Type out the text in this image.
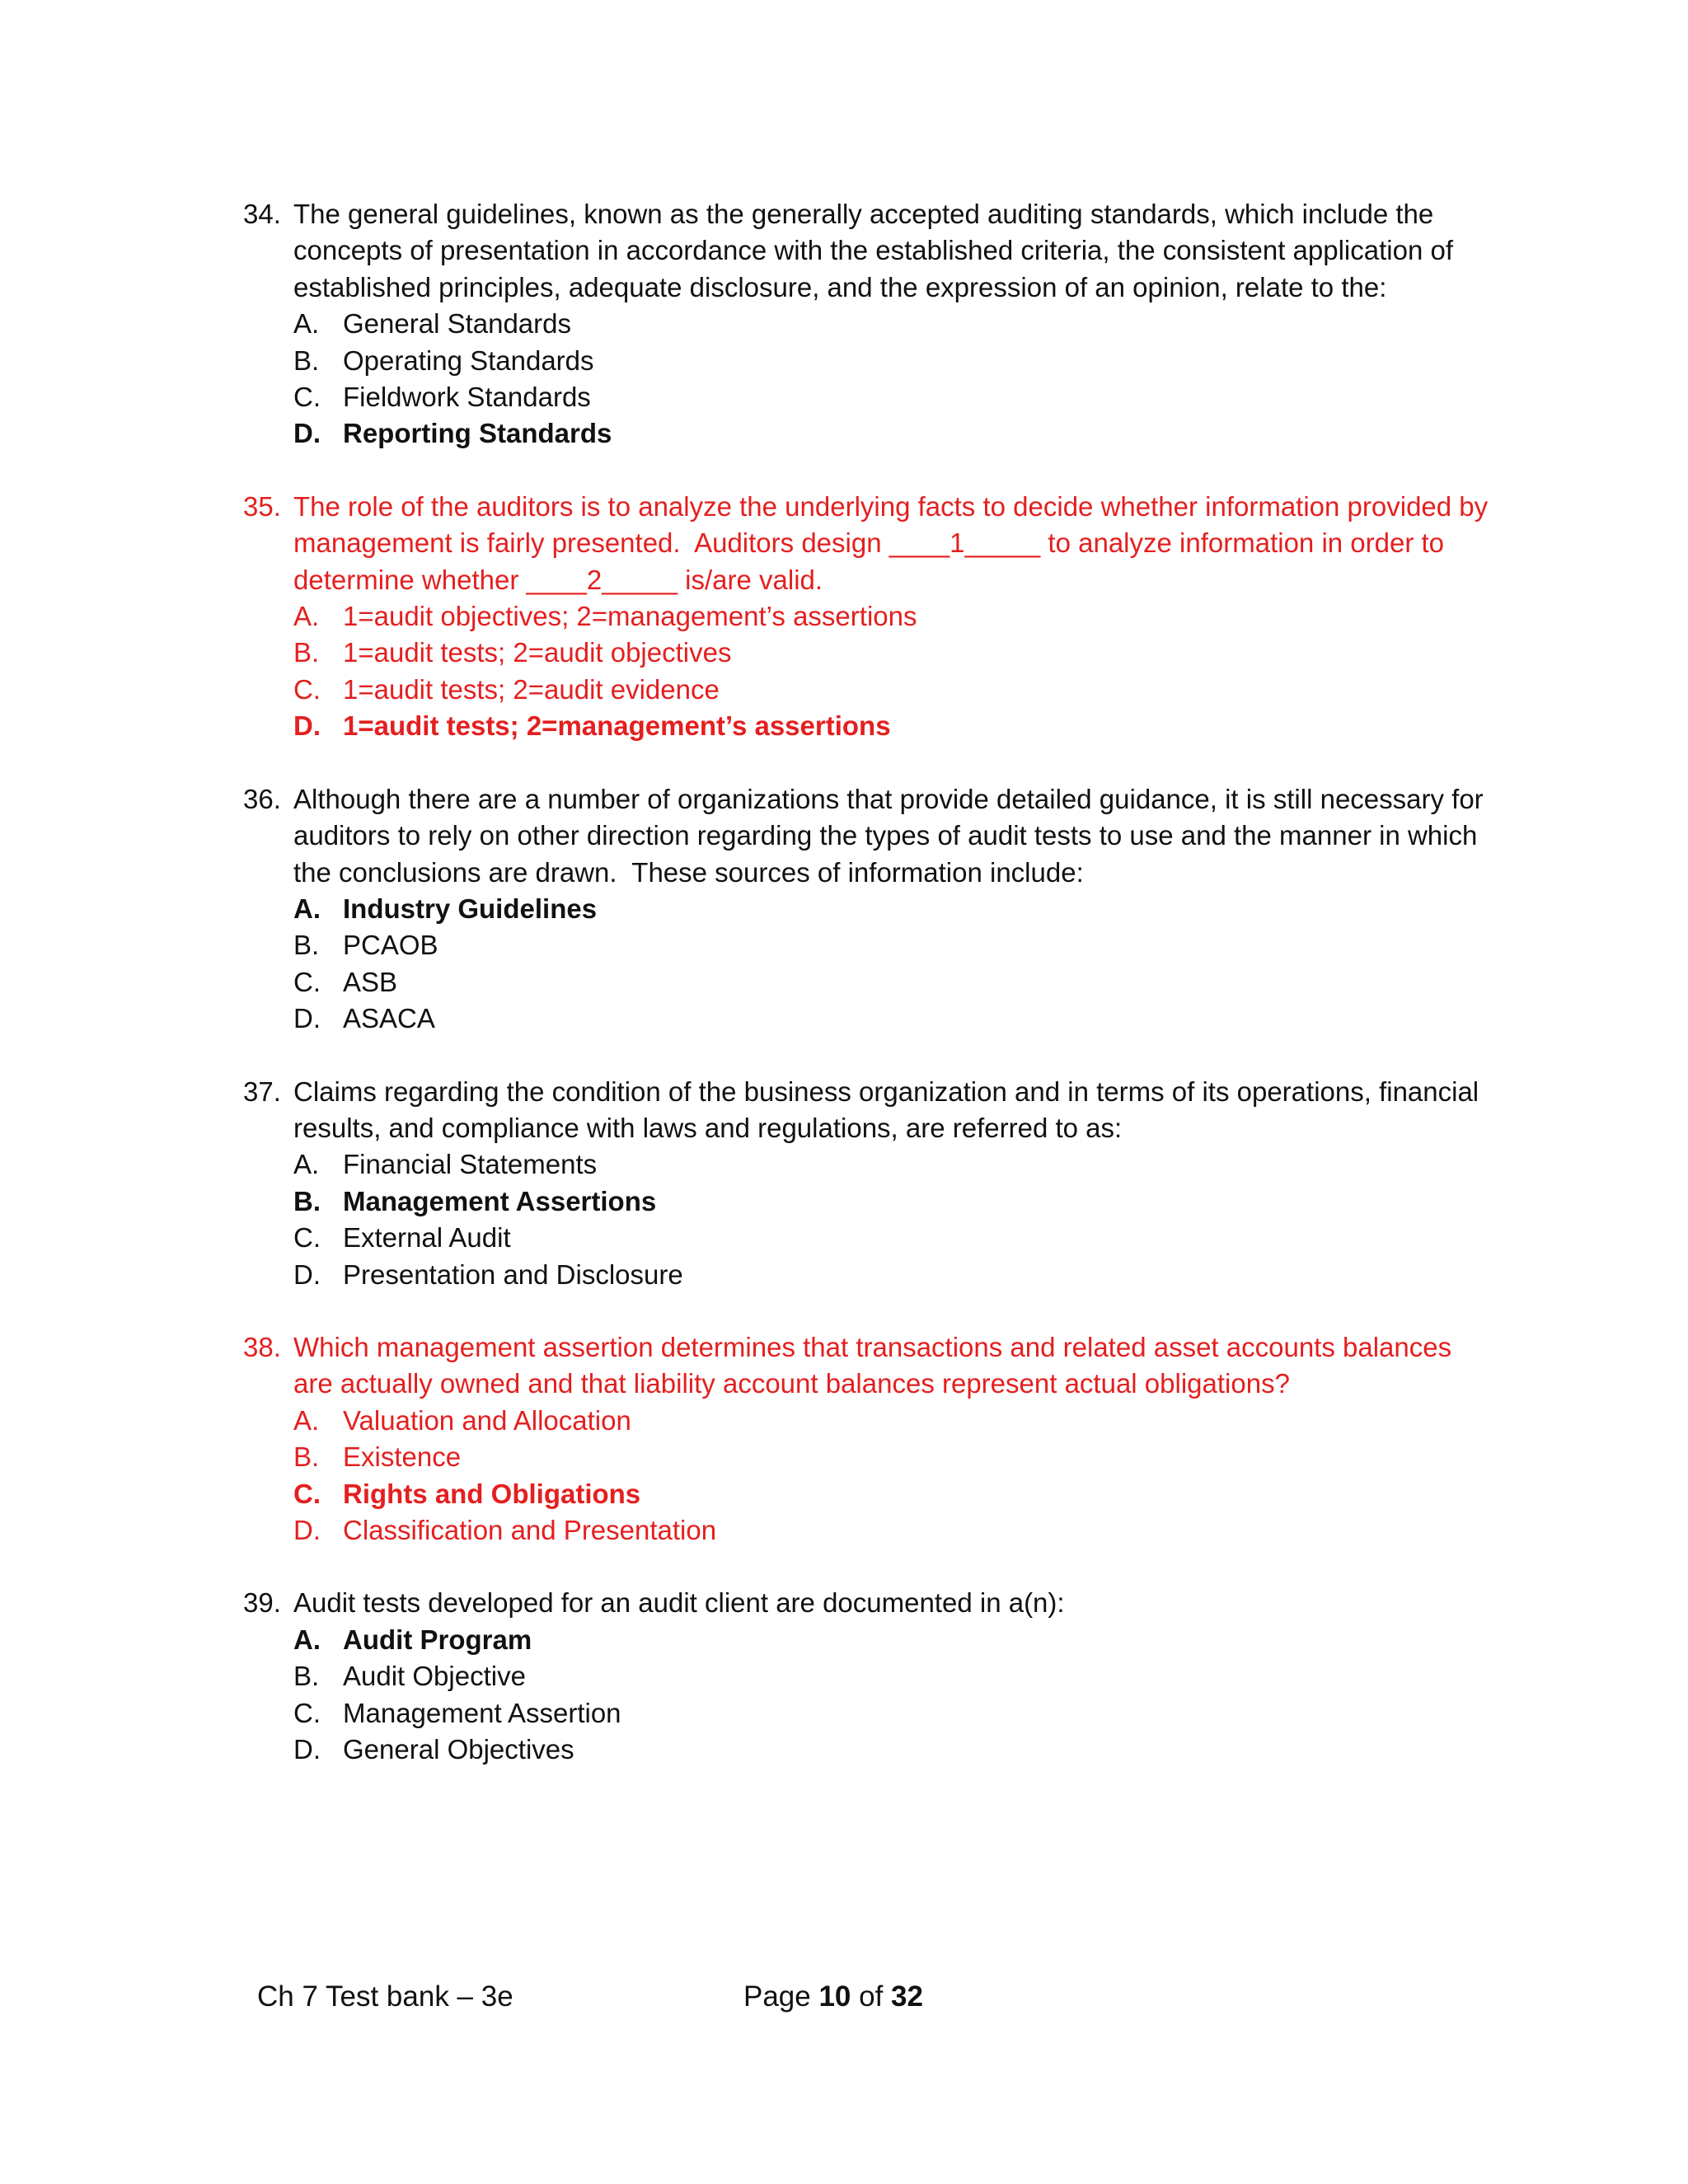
34. The general guidelines, known as the generally accepted auditing standards, which include the concepts of presentation in accordance with the established criteria, the consistent application of established principles, adequate disclosure, and the expression of an opinion, relate to the:
A. General Standards
B. Operating Standards
C. Fieldwork Standards
D. Reporting Standards
35. The role of the auditors is to analyze the underlying facts to decide whether information provided by management is fairly presented.  Auditors design ____1_____ to analyze information in order to determine whether ____2_____ is/are valid.
A. 1=audit objectives; 2=management’s assertions
B. 1=audit tests; 2=audit objectives
C. 1=audit tests; 2=audit evidence
D. 1=audit tests; 2=management’s assertions
36. Although there are a number of organizations that provide detailed guidance, it is still necessary for auditors to rely on other direction regarding the types of audit tests to use and the manner in which the conclusions are drawn.  These sources of information include:
A. Industry Guidelines
B. PCAOB
C. ASB
D. ASACA
37. Claims regarding the condition of the business organization and in terms of its operations, financial results, and compliance with laws and regulations, are referred to as:
A. Financial Statements
B. Management Assertions
C. External Audit
D. Presentation and Disclosure
38. Which management assertion determines that transactions and related asset accounts balances are actually owned and that liability account balances represent actual obligations?
A. Valuation and Allocation
B. Existence
C. Rights and Obligations
D. Classification and Presentation
39. Audit tests developed for an audit client are documented in a(n):
A. Audit Program
B. Audit Objective
C. Management Assertion
D. General Objectives
Ch 7 Test bank – 3e	Page 10 of 32
